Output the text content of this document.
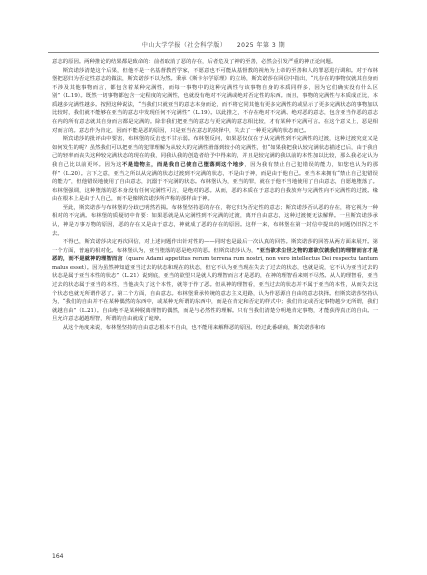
中山大学学报（社会科学版） 2025 年第 3 期

意志的原因。两种推论的结果都是致命的：前者取消了恶的存在，后者危及了神的至善，必然会引发严重的神正论问题。

斯宾诺莎清楚这个后果，但他不是一名基督教哲学家，不愿意也不可能从基督教的视角为上帝的至善和人的罪恶进行调和。对于布林堡把恶归为否定性意志的做法，斯宾诺莎不以为然。秉承《斯卡尔学原理》的立场，斯宾诺莎在回信中指出，“凡存在的事物仅就其自身而不涉及其他事物而言，都包含着某种完满性，而每一事物中的这种完满性与该事物自身的本质同样多，因为它们确实没有什么区别”（L.19）。既然一切事物都包含一定程度的完满性，也就没有绝对不完满或绝对否定性的东西。而且，事物的完满性与本质成正比，本质越多完满性越多。按照这种说法，“当我们只就亚当的意志本身而论，而不将它同其他有更多完满性的或显示了更多完满状态的事物加以比较时，我们就不能够在亚当的意志中发现任何不完满性”（L.19）。以此推之，不存在绝对不完满、绝对恶的意志，包含亚当作恶的意志在内的所有意志就其自身而言都是完满的。除非我们把亚当的意志与更完满的意志相比较，才有某种不完满可言。在这个意义上，恶是相对而言的。意志作为肯定，因而不能是恶的原因，只是亚当在意志的抉择中，失去了一种更完满的状态而已。

斯宾诺莎的批评由中要害，布林堡的反击也不甘示弱。布林堡反问，如果恶仅仅在于从完满性到不完满性的过渡，这种过渡究竟又是如何发生的呢？虽然我们可以把亚当的犯罪理解为从较大的完满性滑落到较小的完满性，但“如果我把我认较完满状态描述已后，由于我自己的轻率而丧失这种较完满状态的现在的我，同我认我的创造者给予中得来的，并且是较完满的我以前的本性加以比较，那么我必定认为我自己比以前更坏。因为这不是造物主，而是我自己使自己堕落到这个地步，因为我有禁止自己犯错误的能力，如您也认为的那样”（L.20）。言下之意，亚当之所以从完满的状态过渡到不完满的状态，不是由于神，而是由于他自己。亚当本来拥有“禁止自己犯错误的能力”，但他错误地使用了自由意志，沉溺于不完满的状态。布林堡认为，亚当的罪，就在于他不当地使用了自由意志，自愿地堕落了。布林堡强调，这种堕落的恶本身没有任何完满性可言，是绝对的恶。从而，恶的本质在于意志的自我放弃与完满性向不完满性的过渡。缘由在根本上是由于人自己，而不是像斯宾诺莎所声称的那样由于神。

至此，斯宾诺莎与布林堡的分歧已明然若揭。布林堡坚持恶的存在，将它归为否定性的意志；斯宾诺莎否认恶的存在，将它视为一种相对的不完满。布林堡的质疑切中肯要：如果恶就是从完满性到不完满的过渡，离开自由意志，这种过渡便无法解释。一旦斯宾诺莎承认，神是万事万物的原因，恶的存在又是由于意志，神就成了恶的存在的原因。这样一来，布林堡在第一封信中提出的问题仍旧挥之不去。

不得已，斯宾诺莎决定再次回信，对上述问题作出针对性的——同时也是最后一次认真的回答。斯宾诺莎的回答从两方面来展开。第一个方面，普遍的相对化。布林堡认为，亚当堕落的恶是绝对的恶。但斯宾诺莎认为，“亚当欲求尘世之物的意欲仅就我们的理智而言才是恶的，而不是就神的理智而言（quare Adami appetitus rerum terrena rum nostri, non vero intellectus Dei respectu tantum malus esset）。因为虽然神知道亚当过去的状态和现在的状态，但它不认为亚当现在失去了过去的状态，也就是说，它不认为亚当过去的状态是属于亚当本性的状态”（L.21）说到底，亚当的欲望只是就人的理智而言才是恶的，在神的理智看来则不尽然。从人的理智看，亚当过去的状态属于亚当的本性，当他丧失了这个本性，就等于作了恶。但从神的理智看，亚当过去的状态并不属于亚当的本性，从而失去这个状态也就无所谓作恶了。第二个方面，自由意志。布林堡秉承传统的意志主义进路，认为作恶源自自由的意志抉择。但斯宾诺莎坚持认为，“我们的自由并不在某种偶然的东西中，或某种无所谓的东西中，而是在肯定和否定的样式中；我们肯定或否定事物越少无所谓，我们就越自由”（L.21）。自由绝不是某种脱离理智的偶然，而是与必然性的理解。只有当我们清楚分明地肯定事物，才能获得真正的自由。一旦允许意志超越理智，所谓的自由就成了诡辩。

从这个角度来说，布林堡坚持的自由意志根本不自由，也不能用来解释恶的原因。经过此番磋商，斯宾诺莎和布

164
